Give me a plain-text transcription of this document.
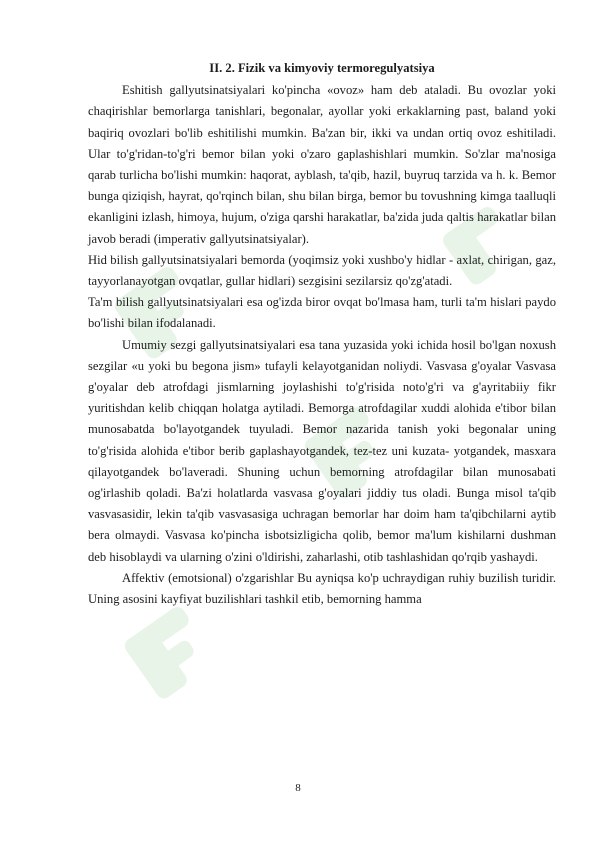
II. 2. Fizik va kimyoviy termoregulyatsiya

Eshitish gallyutsinatsiyalari ko'pincha «ovoz» ham deb ataladi. Bu ovozlar yoki chaqirishlar bemorlarga tanishlari, begonalar, ayollar yoki erkaklarning past, baland yoki baqiriq ovozlari bo'lib eshitilishi mumkin. Ba'zan bir, ikki va undan ortiq ovoz eshitiladi. Ular to'g'ridan-to'g'ri bemor bilan yoki o'zaro gaplashishlari mumkin. So'zlar ma'nosiga qarab turlicha bo'lishi mumkin: haqorat, ayblash, ta'qib, hazil, buyruq tarzida va h. k. Bemor bunga qiziqish, hayrat, qo'rqinch bilan, shu bilan birga, bemor bu tovushning kimga taalluqli ekanligini izlash, himoya, hujum, o'ziga qarshi harakatlar, ba'zida juda qaltis harakatlar bilan javob beradi (imperativ gallyutsinatsiyalar).

Hid bilish gallyutsinatsiyalari bemorda (yoqimsiz yoki xushbo'y hidlar - axlat, chirigan, gaz, tayyorlanayotgan ovqatlar, gullar hidlari) sezgisini sezilarsiz qo'zg'atadi.

Ta'm bilish gallyutsinatsiyalari esa og'izda biror ovqat bo'lmasa ham, turli ta'm hislari paydo bo'lishi bilan ifodalanadi.

Umumiy sezgi gallyutsinatsiyalari esa tana yuzasida yoki ichida hosil bo'lgan noxush sezgilar «u yoki bu begona jism» tufayli kelayotganidan noliydi. Vasvasa g'oyalar Vasvasa g'oyalar deb atrofdagi jismlarning joylashishi to'g'risida noto'g'ri va g'ayritabiiy fikr yuritishdan kelib chiqqan holatga aytiladi. Bemorga atrofdagilar xuddi alohida e'tibor bilan munosabatda bo'layotgandek tuyuladi. Bemor nazarida tanish yoki begonalar uning to'g'risida alohida e'tibor berib gaplashayotgandek, tez-tez uni kuzata- yotgandek, masxara qilayotgandek bo'laveradi. Shuning uchun bemorning atrofdagilar bilan munosabati og'irlashib qoladi. Ba'zi holatlarda vasvasa g'oyalari jiddiy tus oladi. Bunga misol ta'qib vasvasasidir, lekin ta'qib vasvasasiga uchragan bemorlar har doim ham ta'qibchilarni aytib bera olmaydi. Vasvasa ko'pincha isbotsizligicha qolib, bemor ma'lum kishilarni dushman deb hisoblaydi va ularning o'zini o'ldirishi, zaharlashi, otib tashlashidan qo'rqib yashaydi.

Affektiv (emotsional) o'zgarishlar Bu ayniqsa ko'p uchraydigan ruhiy buzilish turidir. Uning asosini kayfiyat buzilishlari tashkil etib, bemorning hamma

8
